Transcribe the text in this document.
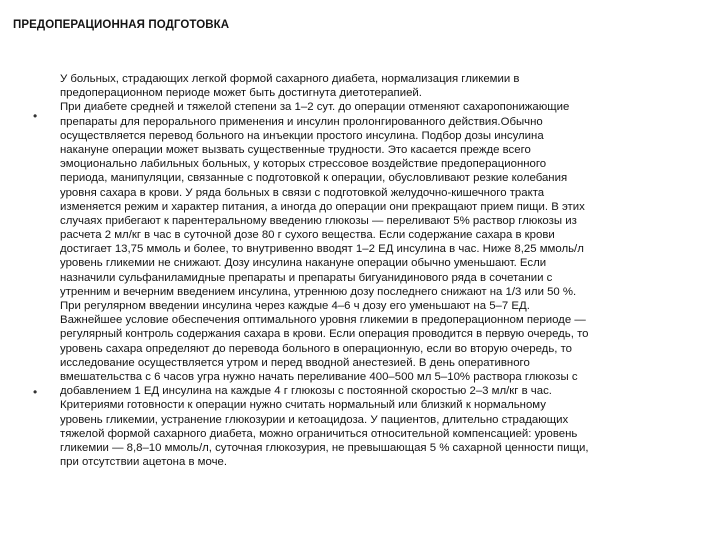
ПРЕДОПЕРАЦИОННАЯ ПОДГОТОВКА
•
•
У больных, страдающих легкой формой сахарного диабета, нормализация гликемии в
предоперационном периоде может быть достигнута диетотерапией.
При диабете средней и тяжелой степени за 1–2 сут. до операции отменяют сахаропонижающие
препараты для перорального применения и инсулин пролонгированного действия.Обычно
осуществляется перевод больного на инъекции простого инсулина. Подбор дозы инсулина
накануне операции может вызвать существенные трудности. Это касается прежде всего
эмоционально лабильных больных, у которых стрессовое воздействие предоперационного
периода, манипуляции, связанные с подготовкой к операции, обусловливают резкие колебания
уровня сахара в крови. У ряда больных в связи с подготовкой желудочно-кишечного тракта
изменяется режим и характер питания, а иногда до операции они прекращают прием пищи. В этих
случаях прибегают к парентеральному введению глюкозы — переливают 5% раствор глюкозы из
расчета 2 мл/кг в час в суточной дозе 80 г сухого вещества. Если содержание сахара в крови
достигает 13,75 ммоль и более, то внутривенно вводят 1–2 ЕД инсулина в час. Ниже 8,25 ммоль/л
уровень гликемии не снижают. Дозу инсулина накануне операции обычно уменьшают. Если
назначили сульфаниламидные препараты и препараты бигуанидинового ряда в сочетании с
утренним и вечерним введением инсулина, утреннюю дозу последнего снижают на 1/3 или 50 %.
При регулярном введении инсулина через каждые 4–6 ч дозу его уменьшают на 5–7 ЕД.
Важнейшее условие обеспечения оптимального уровня гликемии в предоперационном периоде —
регулярный контроль содержания сахара в крови. Если операция проводится в первую очередь, то
уровень сахара определяют до перевода больного в операционную, если во вторую очередь, то
исследование осуществляется утром и перед вводной анестезией. В день оперативного
вмешательства с 6 часов угра нужно начать переливание 400–500 мл 5–10% раствора глюкозы с
добавлением 1 ЕД инсулина на каждые 4 г глюкозы с постоянной скоростью 2–3 мл/кг в час.
Критериями готовности к операции нужно считать нормальный или близкий к нормальному
уровень гликемии, устранение глюкозурии и кетоацидоза. У пациентов, длительно страдающих
тяжелой формой сахарного диабета, можно ограничиться относительной компенсацией: уровень
гликемии — 8,8–10 ммоль/л, суточная глюкозурия, не превышающая 5 % сахарной ценности пищи,
при отсутствии ацетона в моче.
